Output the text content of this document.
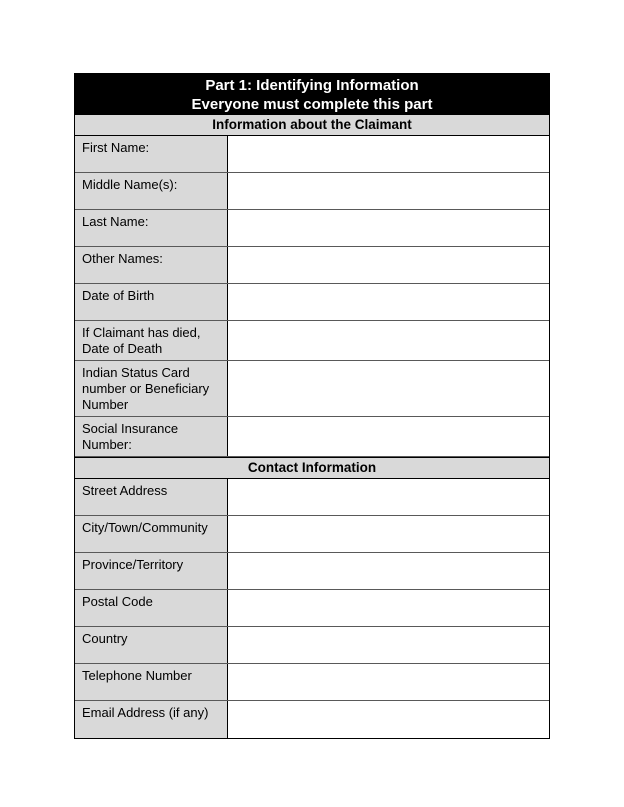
Part 1: Identifying Information
Everyone must complete this part
Information about the Claimant
First Name:
Middle Name(s):
Last Name:
Other Names:
Date of Birth
If Claimant has died, Date of Death
Indian Status Card number or Beneficiary Number
Social Insurance Number:
Contact Information
Street Address
City/Town/Community
Province/Territory
Postal Code
Country
Telephone Number
Email Address (if any)
